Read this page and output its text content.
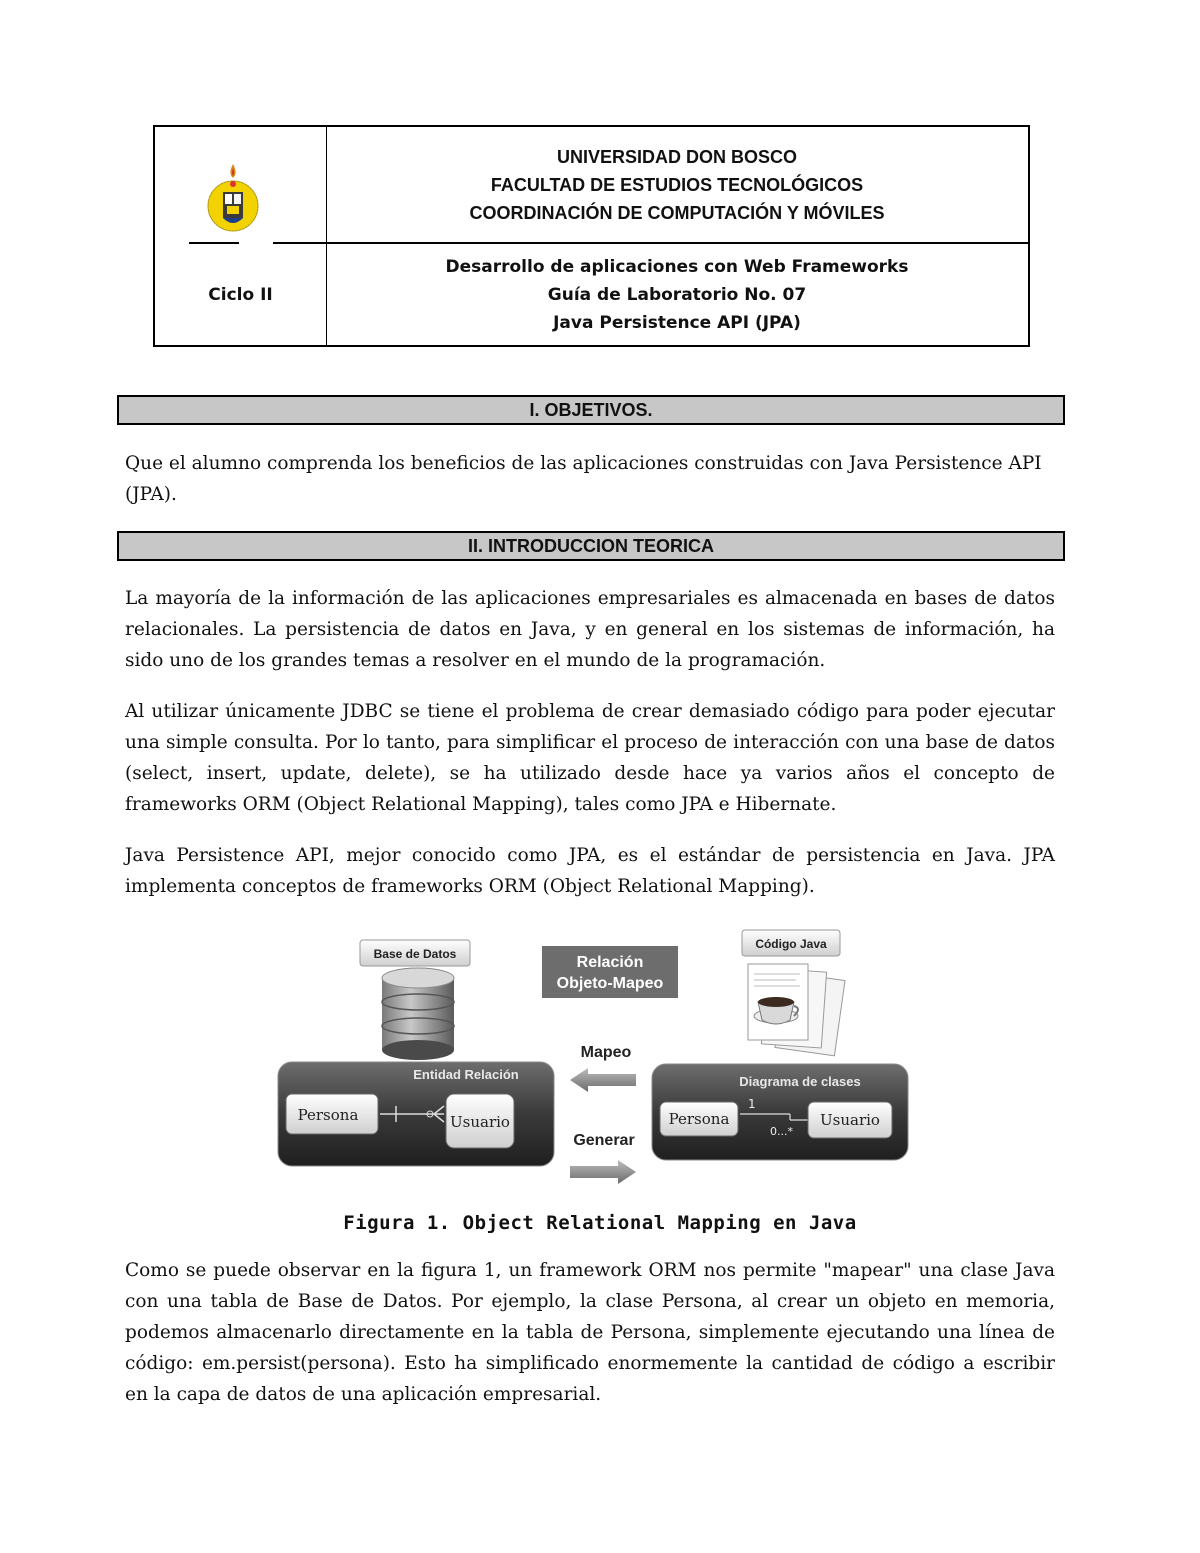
UNIVERSIDAD DON BOSCO
FACULTAD DE ESTUDIOS TECNOLÓGICOS
COORDINACIÓN DE COMPUTACIÓN Y MÓVILES
Ciclo II
Desarrollo de aplicaciones con Web Frameworks
Guía de Laboratorio No. 07
Java Persistence API (JPA)
I. OBJETIVOS.

Que el alumno comprenda los beneficios de las aplicaciones construidas con Java Persistence API (JPA).

II. INTRODUCCION TEORICA

La mayoría de la información de las aplicaciones empresariales es almacenada en bases de datos relacionales. La persistencia de datos en Java, y en general en los sistemas de información, ha sido uno de los grandes temas a resolver en el mundo de la programación.

Al utilizar únicamente JDBC se tiene el problema de crear demasiado código para poder ejecutar una simple consulta. Por lo tanto, para simplificar el proceso de interacción con una base de datos (select, insert, update, delete), se ha utilizado desde hace ya varios años el concepto de frameworks ORM (Object Relational Mapping), tales como JPA e Hibernate.

Java Persistence API, mejor conocido como JPA, es el estándar de persistencia en Java. JPA implementa conceptos de frameworks ORM (Object Relational Mapping).

Base de Datos	Relación
Objeto-Mapeo
Código Java
Mapeo
Generar
Entidad Relación
Persona	Usuario
Diagrama de clases
Persona
1
0...*
Usuario
Figura 1. Object Relational Mapping en Java

Como se puede observar en la figura 1, un framework ORM nos permite "mapear" una clase Java con una tabla de Base de Datos. Por ejemplo, la clase Persona, al crear un objeto en memoria, podemos almacenarlo directamente en la tabla de Persona, simplemente ejecutando una línea de código: em.persist(persona). Esto ha simplificado enormemente la cantidad de código a escribir en la capa de datos de una aplicación empresarial.
